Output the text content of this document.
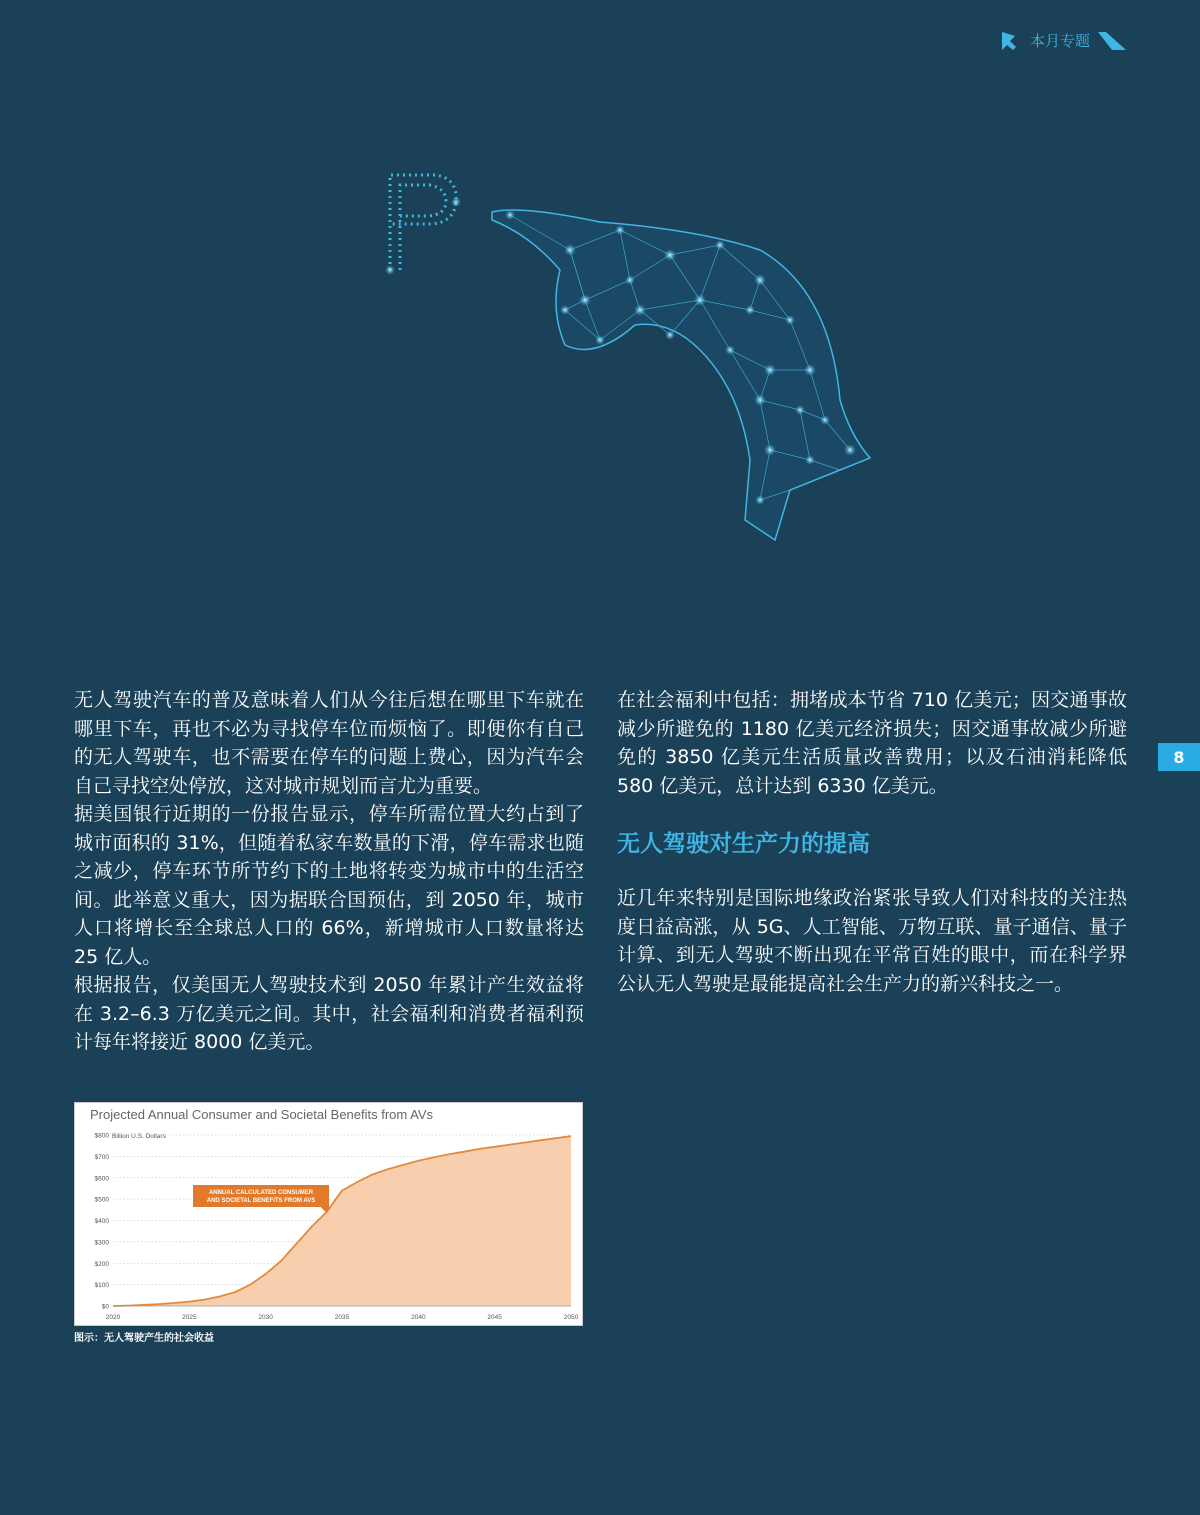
本月专题
8

无人驾驶汽车的普及意味着人们从今往后想在哪里下车就在哪里下车，再也不必为寻找停车位而烦恼了。即便你有自己的无人驾驶车，也不需要在停车的问题上费心，因为汽车会自己寻找空处停放，这对城市规划而言尤为重要。

据美国银行近期的一份报告显示，停车所需位置大约占到了城市面积的 31%，但随着私家车数量的下滑，停车需求也随之减少，停车环节所节约下的土地将转变为城市中的生活空间。此举意义重大，因为据联合国预估，到 2050 年，城市人口将增长至全球总人口的 66%，新增城市人口数量将达 25 亿人。

根据报告，仅美国无人驾驶技术到 2050 年累计产生效益将在 3.2–6.3 万亿美元之间。其中，社会福利和消费者福利预计每年将接近 8000 亿美元。

在社会福利中包括：拥堵成本节省 710 亿美元；因交通事故减少所避免的 1180 亿美元经济损失；因交通事故减少所避免的 3850 亿美元生活质量改善费用；以及石油消耗降低 580 亿美元，总计达到 6330 亿美元。

无人驾驶对生产力的提高

近几年来特别是国际地缘政治紧张导致人们对科技的关注热度日益高涨，从 5G、人工智能、万物互联、量子通信、量子计算、到无人驾驶不断出现在平常百姓的眼中，而在科学界公认无人驾驶是最能提高社会生产力的新兴科技之一。

Projected Annual Consumer and Societal Benefits from AVs
Billion U.S. Dollars
$0
$100
$200
$300
$400
$500
$600
$700
$800
2020	2025	2030	2035	2040	2045	2050
ANNUAL CALCULATED CONSUMER
AND SOCIETAL BENEFITS FROM AVS
图示：无人驾驶产生的社会收益
